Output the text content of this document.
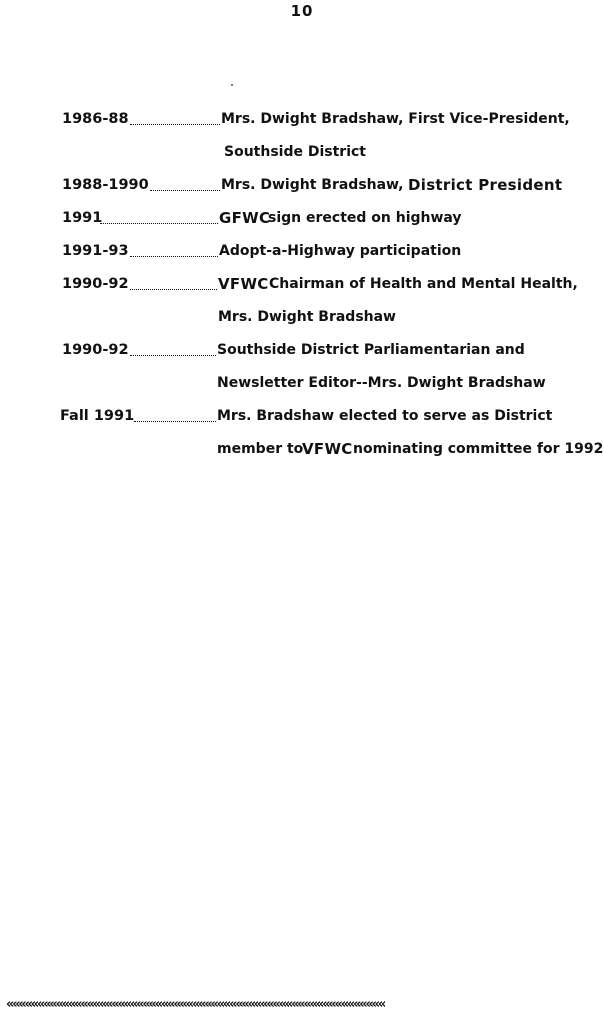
10
1986-88	Mrs. Dwight Bradshaw, First Vice-President,
Southside District
1988-1990	Mrs. Dwight Bradshaw, District President
1991	GFWC
sign erected on highway
1991-93	Adopt-a-Highway participation
1990-92	VFWC Chairman of Health and Mental Health,
Mrs. Dwight Bradshaw
1990-92	Southside District Parliamentarian and
Newsletter Editor--Mrs. Dwight Bradshaw
Fall 1991	Mrs. Bradshaw elected to serve as District
member to
VFWC nominating committee for 1992
«««««««««««««««««««««««««««««««««««««««««««««««««««««««««««««
